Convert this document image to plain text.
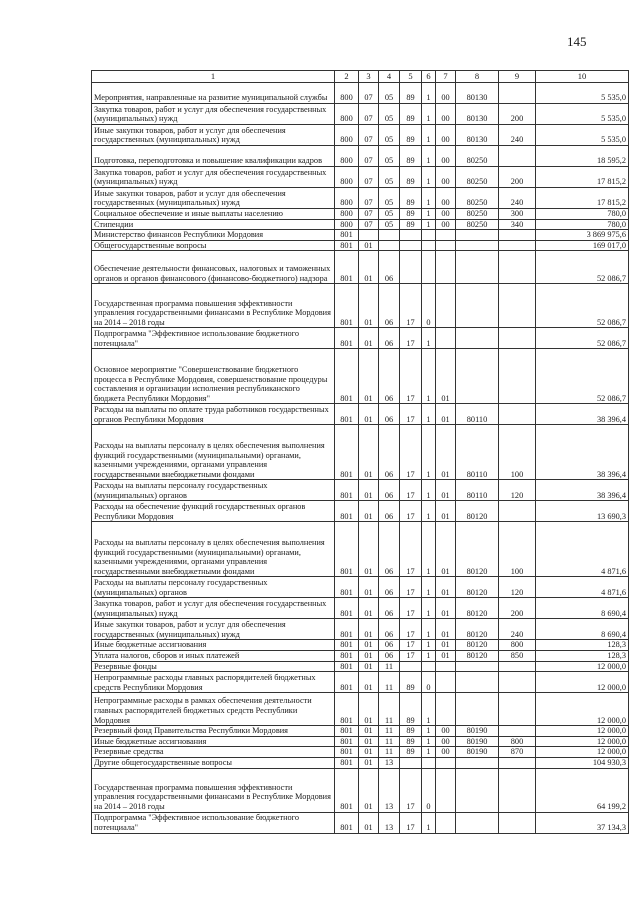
145
1	2	3	4	5	6	7	8	9	10
Мероприятия, направленные на развитие муниципальной службы	800	07	05	89	1	00	80130		5 535,0
Закупка товаров, работ и услуг для обеспечения государственных (муниципальных) нужд	800	07	05	89	1	00	80130	200	5 535,0
Иные закупки товаров, работ и услуг для обеспечения государственных (муниципальных) нужд	800	07	05	89	1	00	80130	240	5 535,0
Подготовка, переподготовка и повышение квалификации кадров	800	07	05	89	1	00	80250		18 595,2
Закупка товаров, работ и услуг для обеспечения государственных (муниципальных) нужд	800	07	05	89	1	00	80250	200	17 815,2
Иные закупки товаров, работ и услуг для обеспечения государственных (муниципальных) нужд	800	07	05	89	1	00	80250	240	17 815,2
Социальное обеспечение и иные выплаты населению	800	07	05	89	1	00	80250	300	780,0
Стипендии	800	07	05	89	1	00	80250	340	780,0
Министерство финансов Республики Мордовия	801								3 869 975,6
Общегосударственные вопросы	801	01							169 017,0
Обеспечение деятельности финансовых, налоговых и таможенных органов и органов финансового (финансово-бюджетного) надзора	801	01	06						52 086,7
Государственная программа повышения эффективности управления государственными финансами в Республике Мордовия на 2014 – 2018 годы	801	01	06	17	0				52 086,7
Подпрограмма "Эффективное использование бюджетного потенциала"	801	01	06	17	1				52 086,7
Основное мероприятие "Совершенствование бюджетного процесса в Республике Мордовия, совершенствование процедуры составления и организации исполнения республиканского бюджета Республики Мордовия"	801	01	06	17	1	01			52 086,7
Расходы на выплаты по оплате труда работников государственных органов Республики Мордовия	801	01	06	17	1	01	80110		38 396,4
Расходы на выплаты персоналу в целях обеспечения выполнения функций государственными (муниципальными) органами, казенными учреждениями, органами управления государственными внебюджетными фондами	801	01	06	17	1	01	80110	100	38 396,4
Расходы на выплаты персоналу государственных (муниципальных) органов	801	01	06	17	1	01	80110	120	38 396,4
Расходы на обеспечение функций государственных органов Республики Мордовия	801	01	06	17	1	01	80120		13 690,3
Расходы на выплаты персоналу в целях обеспечения выполнения функций государственными (муниципальными) органами, казенными учреждениями, органами управления государственными внебюджетными фондами	801	01	06	17	1	01	80120	100	4 871,6
Расходы на выплаты персоналу государственных (муниципальных) органов	801	01	06	17	1	01	80120	120	4 871,6
Закупка товаров, работ и услуг для обеспечения государственных (муниципальных) нужд	801	01	06	17	1	01	80120	200	8 690,4
Иные закупки товаров, работ и услуг для обеспечения государственных (муниципальных) нужд	801	01	06	17	1	01	80120	240	8 690,4
Иные бюджетные ассигнования	801	01	06	17	1	01	80120	800	128,3
Уплата налогов, сборов и иных платежей	801	01	06	17	1	01	80120	850	128,3
Резервные фонды	801	01	11						12 000,0
Непрограммные расходы главных распорядителей бюджетных средств Республики Мордовия	801	01	11	89	0				12 000,0
Непрограммные расходы в рамках обеспечения деятельности главных распорядителей бюджетных средств Республики Мордовия	801	01	11	89	1				12 000,0
Резервный фонд Правительства Республики Мордовия	801	01	11	89	1	00	80190		12 000,0
Иные бюджетные ассигнования	801	01	11	89	1	00	80190	800	12 000,0
Резервные средства	801	01	11	89	1	00	80190	870	12 000,0
Другие общегосударственные вопросы	801	01	13						104 930,3
Государственная программа повышения эффективности управления государственными финансами в Республике Мордовия на 2014 – 2018 годы	801	01	13	17	0				64 199,2
Подпрограмма "Эффективное использование бюджетного потенциала"	801	01	13	17	1				37 134,3
